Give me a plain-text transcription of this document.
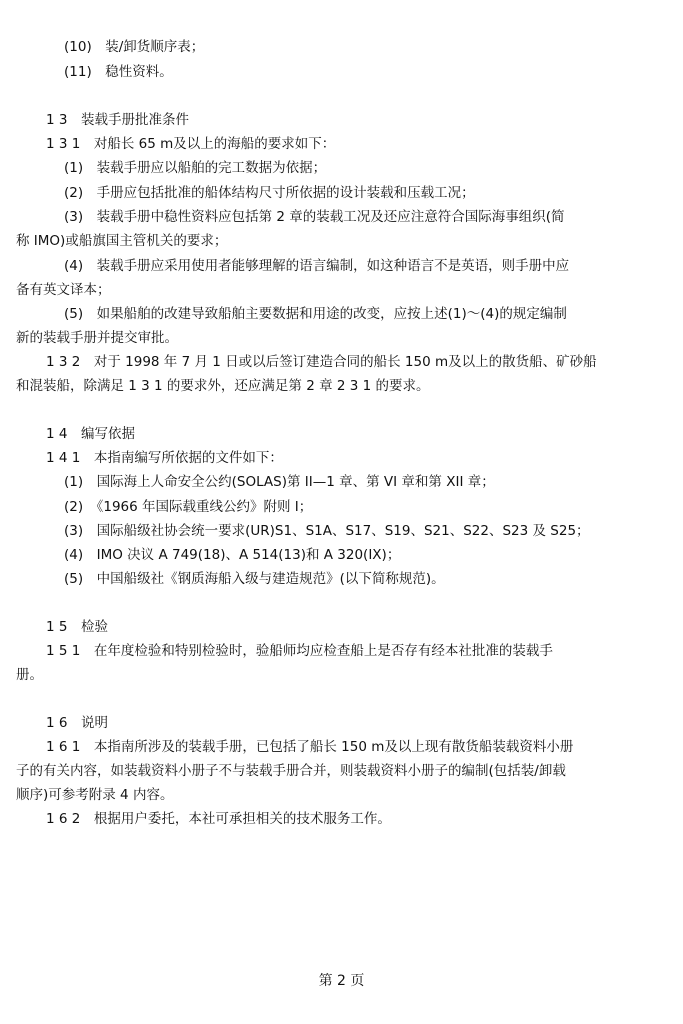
(10)　装/卸货顺序表；
(11)　稳性资料。
1 3　装载手册批准条件
1 3 1　对船长 65 m及以上的海船的要求如下：
(1)　装载手册应以船舶的完工数据为依据；
(2)　手册应包括批准的船体结构尺寸所依据的设计装载和压载工况；
(3)　装载手册中稳性资料应包括第 2 章的装载工况及还应注意符合国际海事组织(简
称 IMO)或船旗国主管机关的要求；
(4)　装载手册应采用使用者能够理解的语言编制，如这种语言不是英语，则手册中应
备有英文译本；
(5)　如果船舶的改建导致船舶主要数据和用途的改变，应按上述(1)～(4)的规定编制
新的装载手册并提交审批。
1 3 2　对于 1998 年 7 月 1 日或以后签订建造合同的船长 150 m及以上的散货船、矿砂船
和混装船，除满足 1 3 1 的要求外，还应满足第 2 章 2 3 1 的要求。
1 4　编写依据
1 4 1　本指南编写所依据的文件如下：
(1)　国际海上人命安全公约(SOLAS)第 II—1 章、第 VI 章和第 XII 章；
(2)　《1966 年国际载重线公约》附则 I；
(3)　国际船级社协会统一要求(UR)S1、S1A、S17、S19、S21、S22、S23 及 S25；
(4)　IMO 决议 A 749(18)、A 514(13)和 A 320(IX)；
(5)　中国船级社《钢质海船入级与建造规范》(以下简称规范)。
1 5　检验
1 5 1　在年度检验和特别检验时，验船师均应检查船上是否存有经本社批准的装载手
册。
1 6　说明
1 6 1　本指南所涉及的装载手册，已包括了船长 150 m及以上现有散货船装载资料小册
子的有关内容，如装载资料小册子不与装载手册合并，则装载资料小册子的编制(包括装/卸载
顺序)可参考附录 4 内容。
1 6 2　根据用户委托，本社可承担相关的技术服务工作。
第 2 页
